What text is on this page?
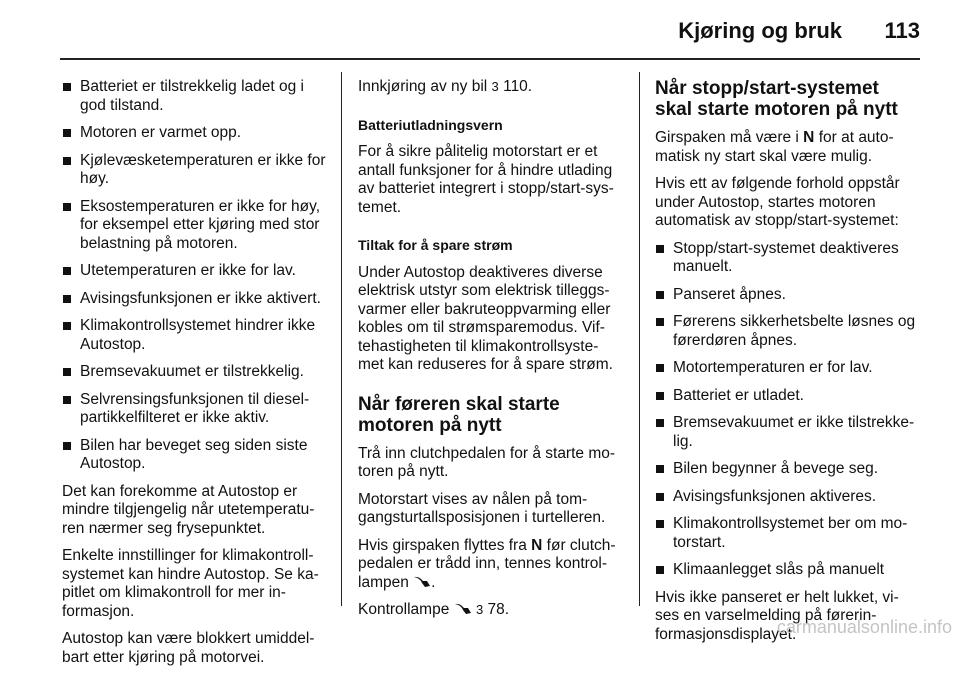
Kjøring og bruk 113
Batteriet er tilstrekkelig ladet og i god tilstand.
Motoren er varmet opp.
Kjølevæsketemperaturen er ikke for høy.
Eksostemperaturen er ikke for høy, for eksempel etter kjøring med stor belastning på motoren.
Utetemperaturen er ikke for lav.
Avisingsfunksjonen er ikke aktivert.
Klimakontrollsystemet hindrer ikke Autostop.
Bremsevakuumet er tilstrekkelig.
Selvrensingsfunksjonen til diesel-partikkelfilteret er ikke aktiv.
Bilen har beveget seg siden siste Autostop.

Det kan forekomme at Autostop er mindre tilgjengelig når utetemperatu-ren nærmer seg frysepunktet.

Enkelte innstillinger for klimakontroll-systemet kan hindre Autostop. Se ka-pitlet om klimakontroll for mer in-formasjon.

Autostop kan være blokkert umiddel-bart etter kjøring på motorvei.

Innkjøring av ny bil 3 110.

Batteriutladningsvern

For å sikre pålitelig motorstart er et antall funksjoner for å hindre utlading av batteriet integrert i stopp/start-sys-temet.

Tiltak for å spare strøm

Under Autostop deaktiveres diverse elektrisk utstyr som elektrisk tilleggs-varmer eller bakruteoppvarming eller kobles om til strømsparemodus. Vif-tehastigheten til klimakontrollsyste-met kan reduseres for å spare strøm.

Når føreren skal starte motoren på nytt

Trå inn clutchpedalen for å starte mo-toren på nytt.

Motorstart vises av nålen på tom-gangsturtallsposisjonen i turtelleren.

Hvis girspaken flyttes fra N før clutch-pedalen er trådd inn, tennes kontrol-lampen .

Kontrollampe 3 78.

Når stopp/start-systemet skal starte motoren på nytt

Girspaken må være i N for at auto-matisk ny start skal være mulig.

Hvis ett av følgende forhold oppstår under Autostop, startes motoren automatisk av stopp/start-systemet:

Stopp/start-systemet deaktiveres manuelt.
Panseret åpnes.
Førerens sikkerhetsbelte løsnes og førerdøren åpnes.
Motortemperaturen er for lav.
Batteriet er utladet.
Bremsevakuumet er ikke tilstrekke-lig.
Bilen begynner å bevege seg.
Avisingsfunksjonen aktiveres.
Klimakontrollsystemet ber om mo-torstart.
Klimaanlegget slås på manuelt

Hvis ikke panseret er helt lukket, vi-ses en varselmelding på førerin-formasjonsdisplayet.

carmanualsonline.info
